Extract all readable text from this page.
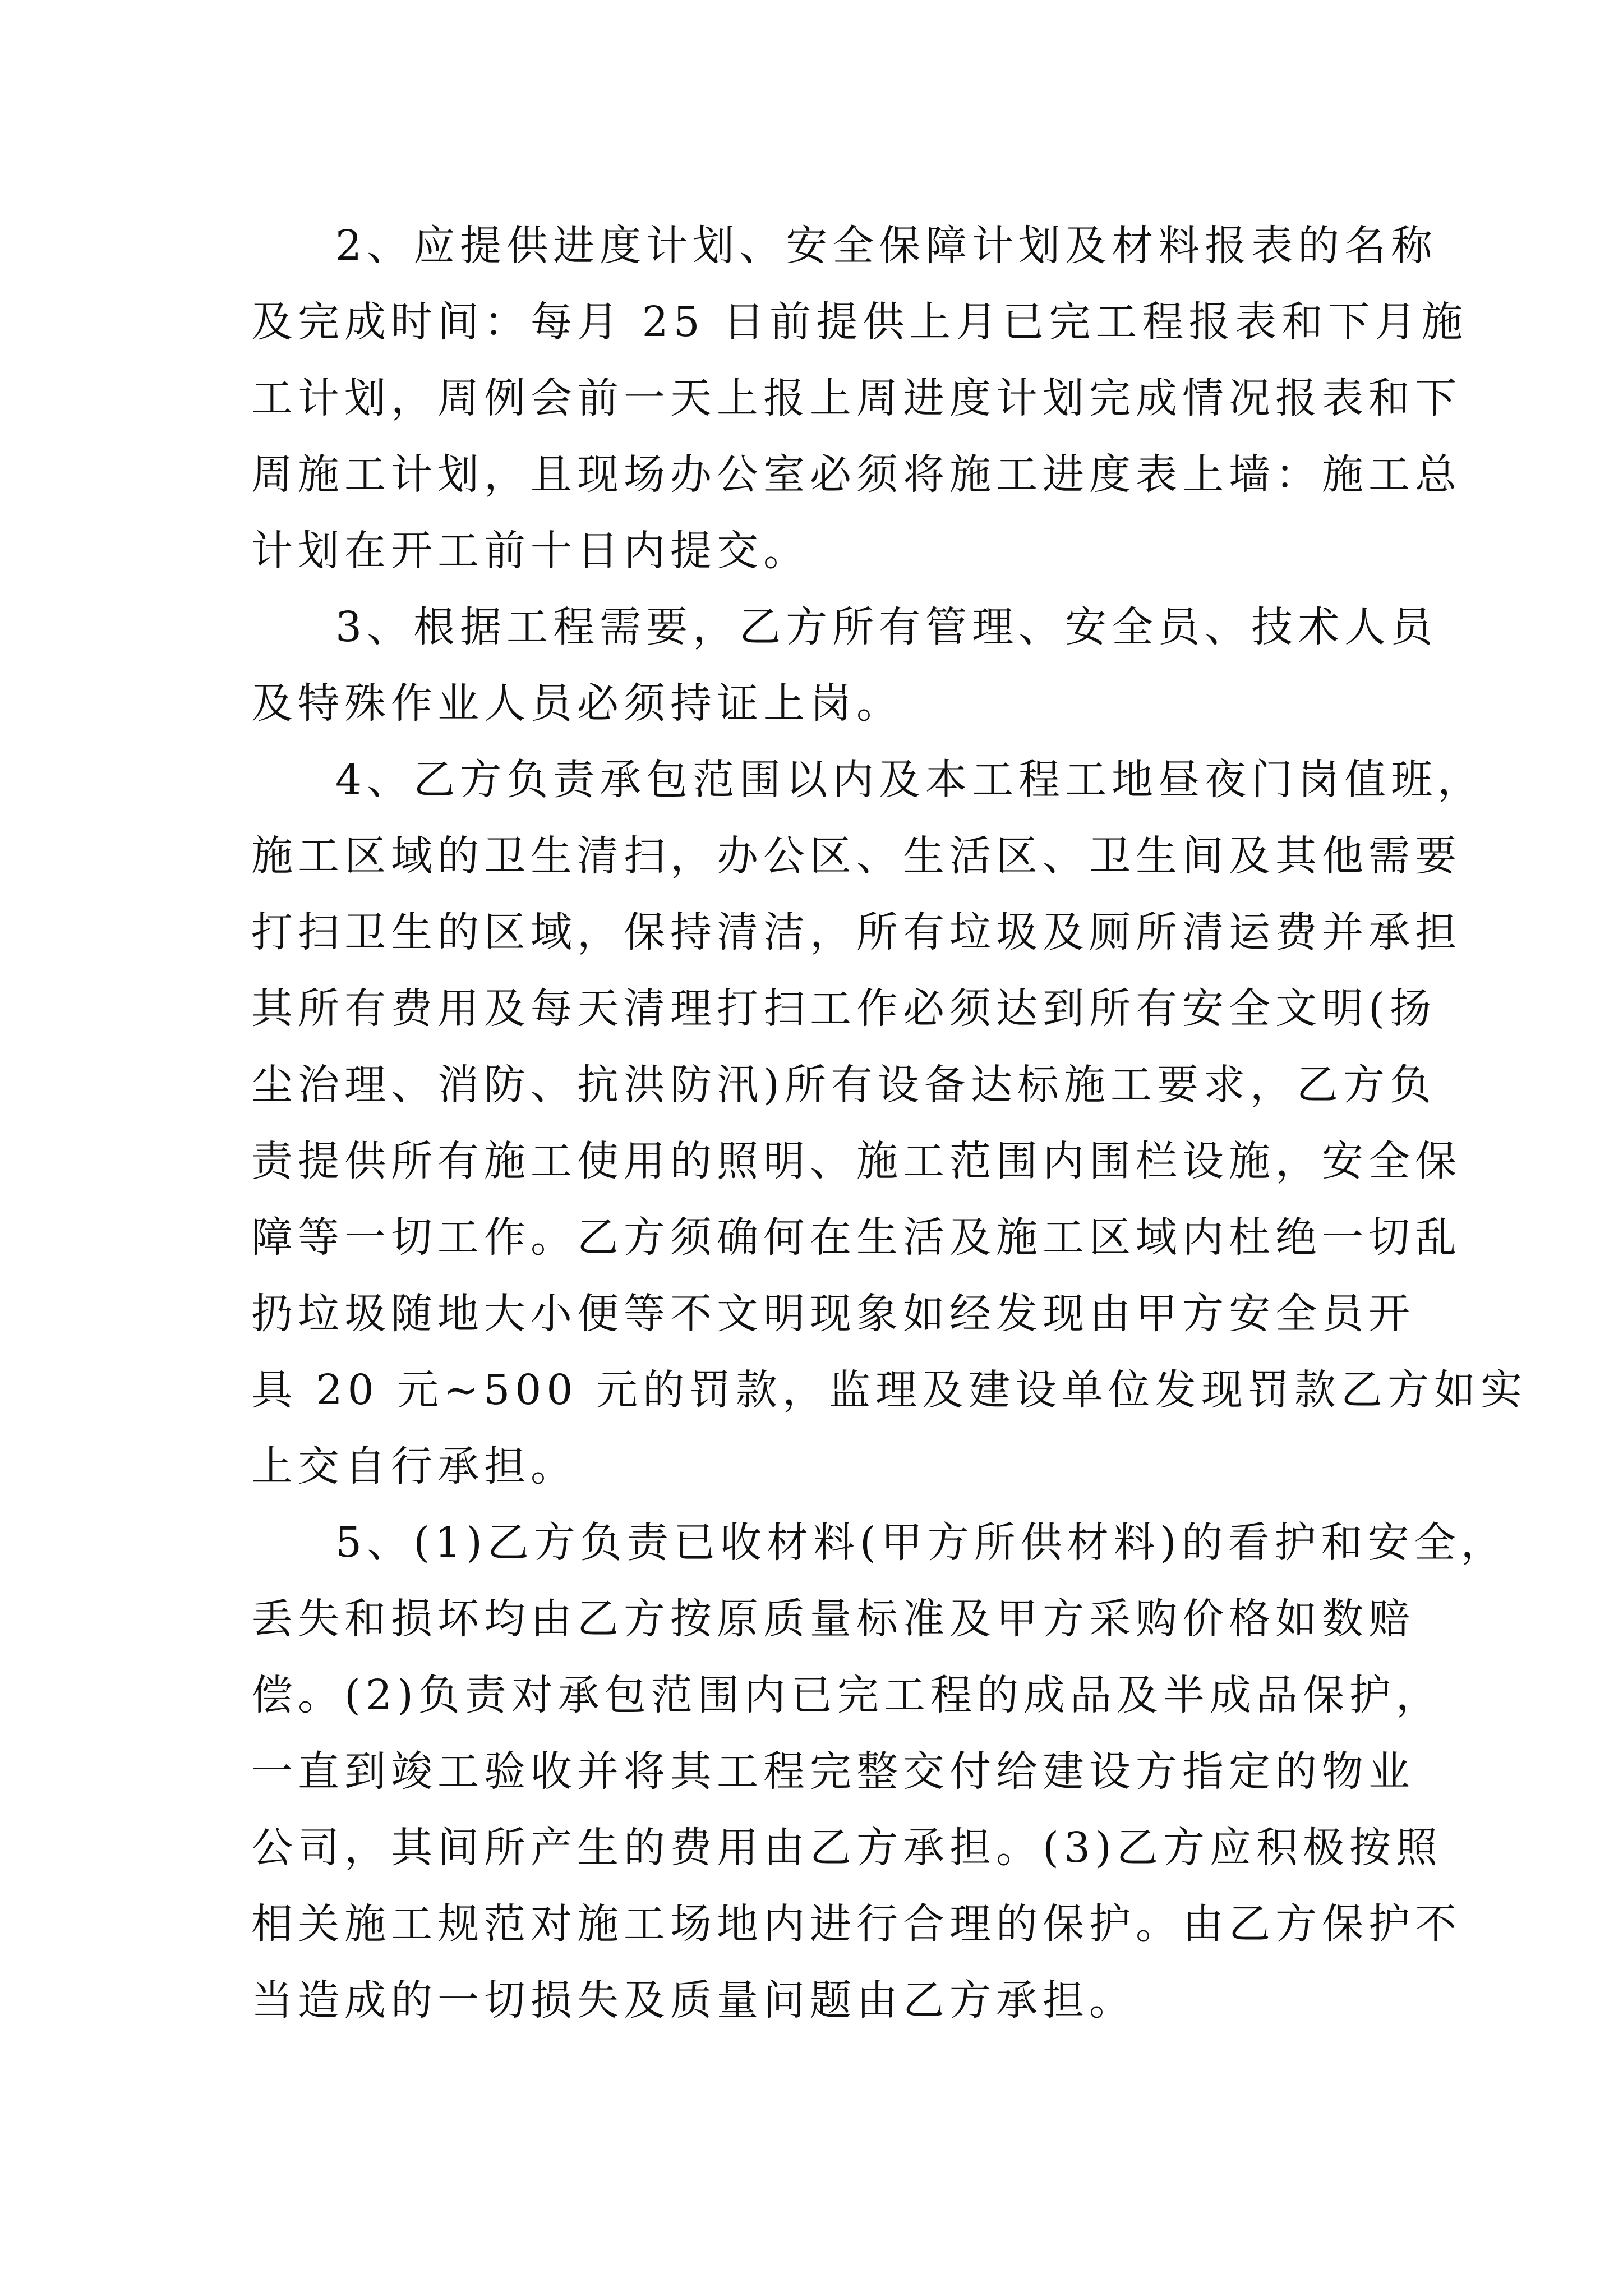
2、应提供进度计划、安全保障计划及材料报表的名称
及完成时间：每月 25 日前提供上月已完工程报表和下月施
工计划，周例会前一天上报上周进度计划完成情况报表和下
周施工计划，且现场办公室必须将施工进度表上墙：施工总
计划在开工前十日内提交。

3、根据工程需要，乙方所有管理、安全员、技术人员
及特殊作业人员必须持证上岗。

4、乙方负责承包范围以内及本工程工地昼夜门岗值班，
施工区域的卫生清扫，办公区、生活区、卫生间及其他需要
打扫卫生的区域，保持清洁，所有垃圾及厕所清运费并承担
其所有费用及每天清理打扫工作必须达到所有安全文明(扬
尘治理、消防、抗洪防汛)所有设备达标施工要求，乙方负
责提供所有施工使用的照明、施工范围内围栏设施，安全保
障等一切工作。乙方须确何在生活及施工区域内杜绝一切乱
扔垃圾随地大小便等不文明现象如经发现由甲方安全员开
具 20 元~500 元的罚款，监理及建设单位发现罚款乙方如实
上交自行承担。

5、(1)乙方负责已收材料(甲方所供材料)的看护和安全，
丢失和损坏均由乙方按原质量标准及甲方采购价格如数赔
偿。(2)负责对承包范围内已完工程的成品及半成品保护，
一直到竣工验收并将其工程完整交付给建设方指定的物业
公司，其间所产生的费用由乙方承担。(3)乙方应积极按照
相关施工规范对施工场地内进行合理的保护。由乙方保护不
当造成的一切损失及质量问题由乙方承担。
